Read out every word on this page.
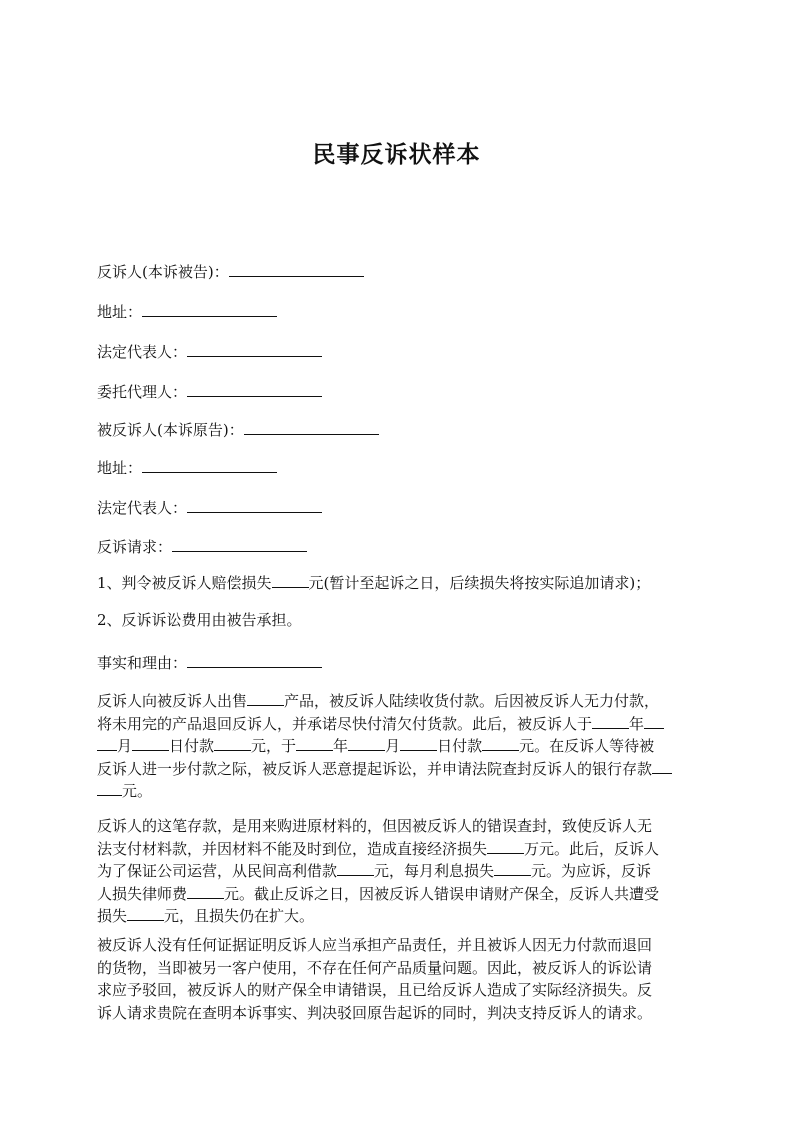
民事反诉状样本
反诉人(本诉被告)：
地址：
法定代表人：
委托代理人：
被反诉人(本诉原告)：
地址：
法定代表人：
反诉请求：
1、判令被反诉人赔偿损失 元(暂计至起诉之日，后续损失将按实际追加请求)；
2、反诉诉讼费用由被告承担。
事实和理由：
反诉人向被反诉人出售 产品，被反诉人陆续收货付款。后因被反诉人无力付款，
将未用完的产品退回反诉人，并承诺尽快付清欠付货款。此后，被反诉人于 年
月 日付款 元，于 年 月 日付款 元。在反诉人等待被
反诉人进一步付款之际，被反诉人恶意提起诉讼，并申请法院查封反诉人的银行存款
元。
反诉人的这笔存款，是用来购进原材料的，但因被反诉人的错误查封，致使反诉人无
法支付材料款，并因材料不能及时到位，造成直接经济损失 万元。此后，反诉人
为了保证公司运营，从民间高利借款 元，每月利息损失 元。为应诉，反诉
人损失律师费 元。截止反诉之日，因被反诉人错误申请财产保全，反诉人共遭受
损失 元，且损失仍在扩大。
被反诉人没有任何证据证明反诉人应当承担产品责任，并且被诉人因无力付款而退回
的货物，当即被另一客户使用，不存在任何产品质量问题。因此，被反诉人的诉讼请
求应予驳回，被反诉人的财产保全申请错误，且已给反诉人造成了实际经济损失。反
诉人请求贵院在查明本诉事实、判决驳回原告起诉的同时，判决支持反诉人的请求。
